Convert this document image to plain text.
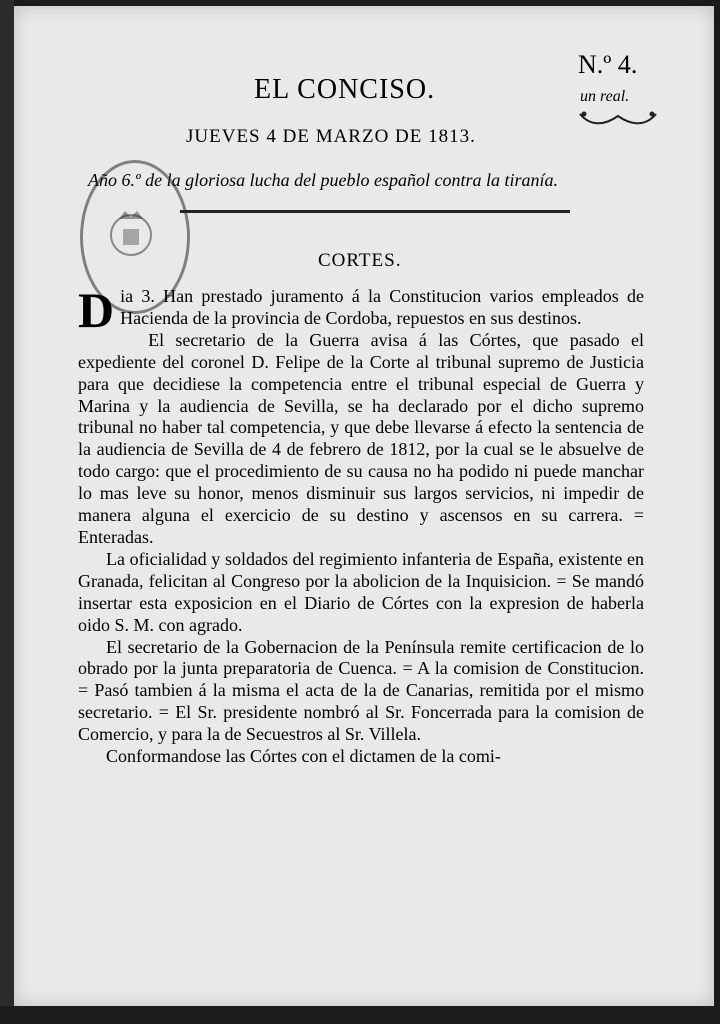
EL CONCISO.
N.º 4.
un real.
JUEVES 4 DE MARZO DE 1813.
Año 6.º de la gloriosa lucha del pueblo español contra la tiranía.
CORTES.

Dia 3. Han prestado juramento á la Constitucion varios empleados de Hacienda de la provincia de Cordoba, repuestos en sus destinos.

El secretario de la Guerra avisa á las Córtes, que pasado el expediente del coronel D. Felipe de la Corte al tribunal supremo de Justicia para que decidiese la competencia entre el tribunal especial de Guerra y Marina y la audiencia de Sevilla, se ha declarado por el dicho supremo tribunal no haber tal competencia, y que debe llevarse á efecto la sentencia de la audiencia de Sevilla de 4 de febrero de 1812, por la cual se le absuelve de todo cargo: que el procedimiento de su causa no ha podido ni puede manchar lo mas leve su honor, menos disminuir sus largos servicios, ni impedir de manera alguna el exercicio de su destino y ascensos en su carrera. = Enteradas.

La oficialidad y soldados del regimiento infanteria de España, existente en Granada, felicitan al Congreso por la abolicion de la Inquisicion. = Se mandó insertar esta exposicion en el Diario de Córtes con la expresion de haberla oido S. M. con agrado.

El secretario de la Gobernacion de la Península remite certificacion de lo obrado por la junta preparatoria de Cuenca. = A la comision de Constitucion. = Pasó tambien á la misma el acta de la de Canarias, remitida por el mismo secretario. = El Sr. presidente nombró al Sr. Foncerrada para la comision de Comercio, y para la de Secuestros al Sr. Villela.

Conformandose las Córtes con el dictamen de la comi-
